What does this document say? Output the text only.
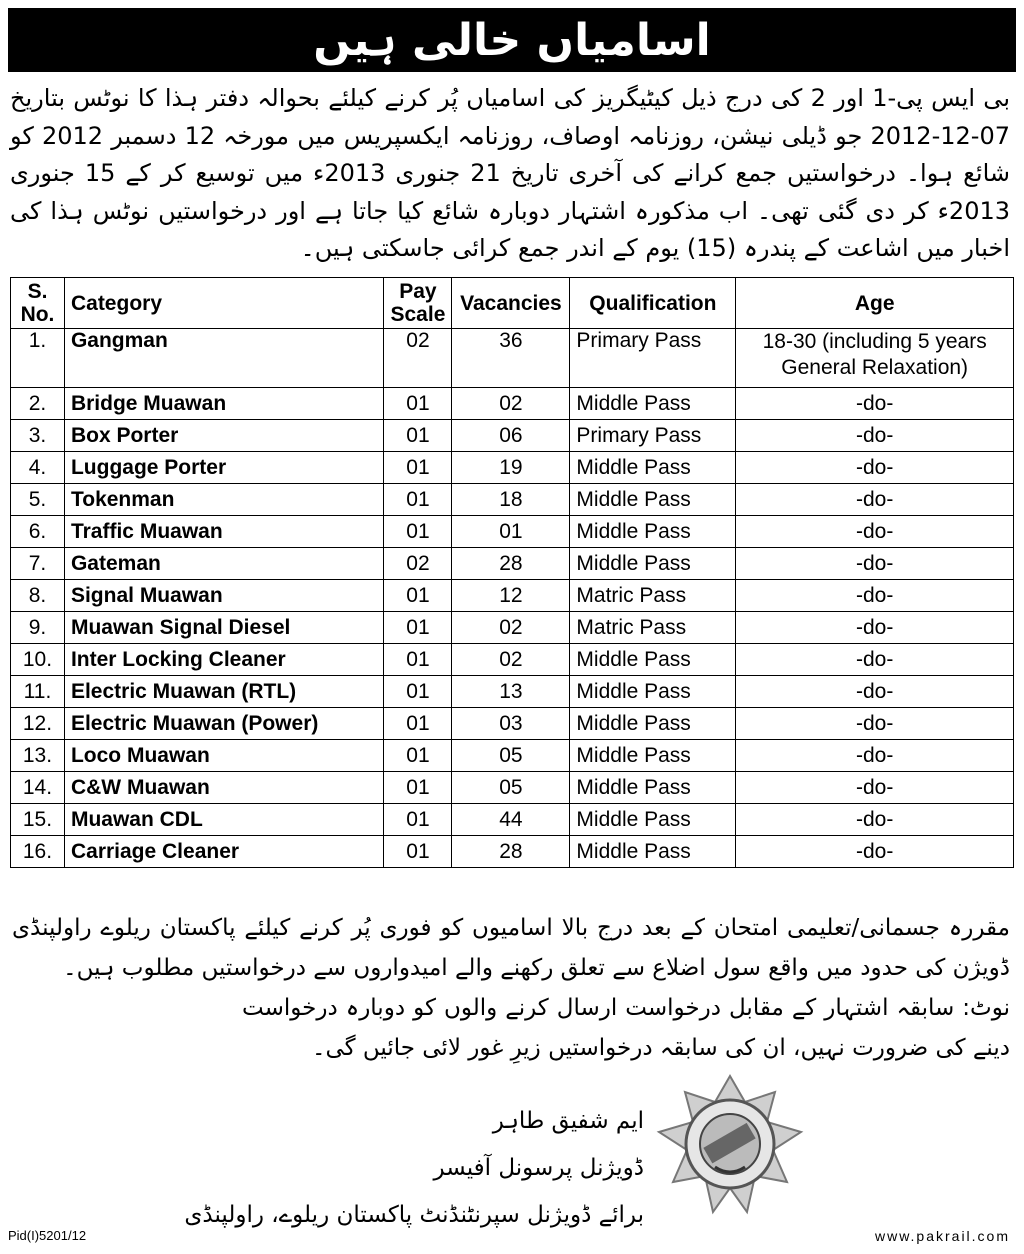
اسامیاں خالی ہیں
بی ایس پی-1 اور 2 کی درج ذیل کیٹیگریز کی اسامیاں پُر کرنے کیلئے بحوالہ دفتر ہذا کا نوٹس بتاریخ 07-12-2012 جو ڈیلی نیشن، روزنامہ اوصاف، روزنامہ ایکسپریس میں مورخہ 12 دسمبر 2012 کو شائع ہوا۔ درخواستیں جمع کرانے کی آخری تاریخ 21 جنوری 2013ء میں توسیع کر کے 15 جنوری 2013ء کر دی گئی تھی۔ اب مذکورہ اشتہار دوبارہ شائع کیا جاتا ہے اور درخواستیں نوٹس ہذا کی اخبار میں اشاعت کے پندرہ (15) یوم کے اندر جمع کرائی جاسکتی ہیں۔
S. No.	Category	Pay Scale	Vacancies	Qualification	Age
1.	Gangman	02	36	Primary Pass	18-30 (including 5 years General Relaxation)
2.	Bridge Muawan	01	02	Middle Pass	-do-
3.	Box Porter	01	06	Primary Pass	-do-
4.	Luggage Porter	01	19	Middle Pass	-do-
5.	Tokenman	01	18	Middle Pass	-do-
6.	Traffic Muawan	01	01	Middle Pass	-do-
7.	Gateman	02	28	Middle Pass	-do-
8.	Signal Muawan	01	12	Matric Pass	-do-
9.	Muawan Signal Diesel	01	02	Matric Pass	-do-
10.	Inter Locking Cleaner	01	02	Middle Pass	-do-
11.	Electric Muawan (RTL)	01	13	Middle Pass	-do-
12.	Electric Muawan (Power)	01	03	Middle Pass	-do-
13.	Loco Muawan	01	05	Middle Pass	-do-
14.	C&W Muawan	01	05	Middle Pass	-do-
15.	Muawan CDL	01	44	Middle Pass	-do-
16.	Carriage Cleaner	01	28	Middle Pass	-do-
مقررہ جسمانی/تعلیمی امتحان کے بعد درج بالا اسامیوں کو فوری پُر کرنے کیلئے پاکستان ریلوے راولپنڈی ڈویژن کی حدود میں واقع سول اضلاع سے تعلق رکھنے والے امیدواروں سے درخواستیں مطلوب ہیں۔
نوٹ: سابقہ اشتہار کے مقابل درخواست ارسال کرنے والوں کو دوبارہ درخواست دینے کی ضرورت نہیں، ان کی سابقہ درخواستیں زیرِ غور لائی جائیں گی۔
ایم شفیق طاہر
ڈویژنل پرسونل آفیسر
برائے ڈویژنل سپرنٹنڈنٹ پاکستان ریلوے، راولپنڈی
Pid(I)5201/12	www.pakrail.com
